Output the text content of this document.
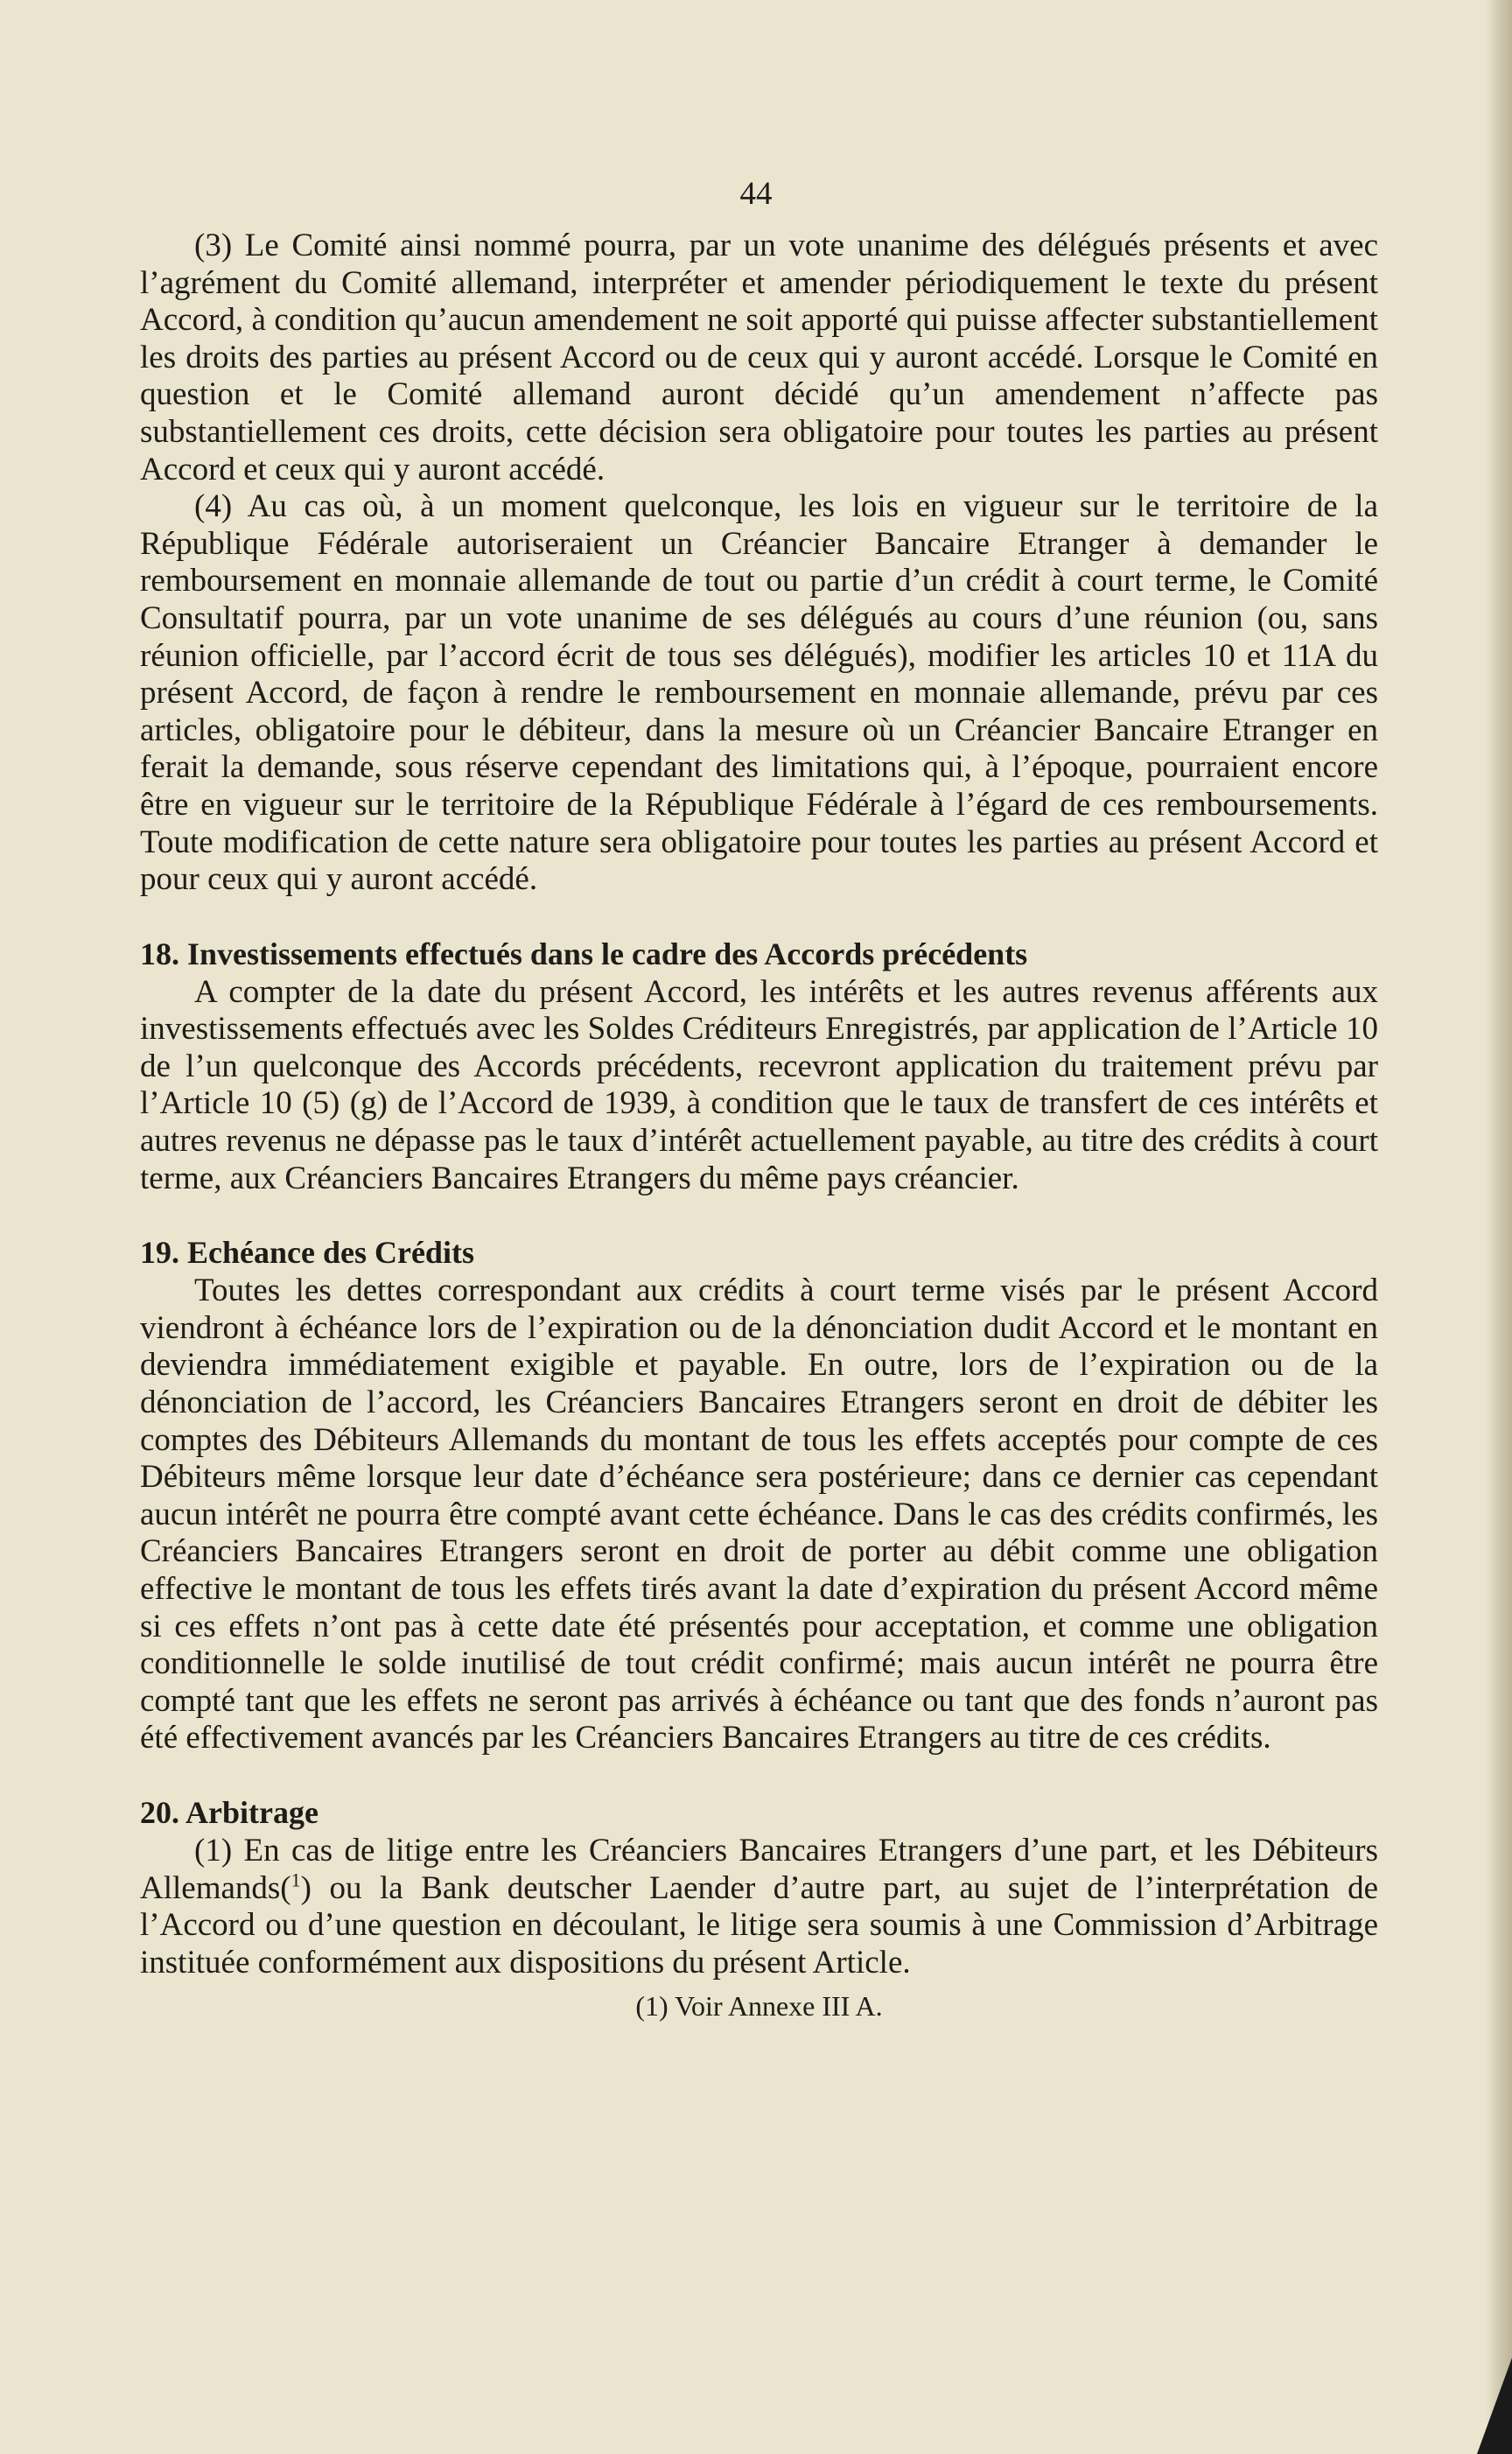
44

(3) Le Comité ainsi nommé pourra, par un vote unanime des délégués présents et avec l’agrément du Comité allemand, interpréter et amender périodiquement le texte du présent Accord, à condition qu’aucun amendement ne soit apporté qui puisse affecter substantiellement les droits des parties au présent Accord ou de ceux qui y auront accédé. Lorsque le Comité en question et le Comité allemand auront décidé qu’un amendement n’affecte pas substantiellement ces droits, cette décision sera obligatoire pour toutes les parties au présent Accord et ceux qui y auront accédé.

(4) Au cas où, à un moment quelconque, les lois en vigueur sur le territoire de la République Fédérale autoriseraient un Créancier Bancaire Etranger à demander le remboursement en monnaie allemande de tout ou partie d’un crédit à court terme, le Comité Consultatif pourra, par un vote unanime de ses délégués au cours d’une réunion (ou, sans réunion officielle, par l’accord écrit de tous ses délégués), modifier les articles 10 et 11A du présent Accord, de façon à rendre le remboursement en monnaie allemande, prévu par ces articles, obligatoire pour le débiteur, dans la mesure où un Créancier Bancaire Etranger en ferait la demande, sous réserve cependant des limitations qui, à l’époque, pourraient encore être en vigueur sur le territoire de la République Fédérale à l’égard de ces remboursements. Toute modification de cette nature sera obligatoire pour toutes les parties au présent Accord et pour ceux qui y auront accédé.

18. Investissements effectués dans le cadre des Accords précédents

A compter de la date du présent Accord, les intérêts et les autres revenus afférents aux investissements effectués avec les Soldes Créditeurs Enregistrés, par application de l’Article 10 de l’un quelconque des Accords précédents, recevront application du traitement prévu par l’Article 10 (5) (g) de l’Accord de 1939, à condition que le taux de transfert de ces intérêts et autres revenus ne dépasse pas le taux d’intérêt actuellement payable, au titre des crédits à court terme, aux Créanciers Bancaires Etrangers du même pays créancier.

19. Echéance des Crédits

Toutes les dettes correspondant aux crédits à court terme visés par le présent Accord viendront à échéance lors de l’expiration ou de la dénonciation dudit Accord et le montant en deviendra immédiatement exigible et payable. En outre, lors de l’expiration ou de la dénonciation de l’accord, les Créanciers Bancaires Etrangers seront en droit de débiter les comptes des Débiteurs Allemands du montant de tous les effets acceptés pour compte de ces Débiteurs même lorsque leur date d’échéance sera postérieure; dans ce dernier cas cependant aucun intérêt ne pourra être compté avant cette échéance. Dans le cas des crédits confirmés, les Créanciers Bancaires Etrangers seront en droit de porter au débit comme une obligation effective le montant de tous les effets tirés avant la date d’expiration du présent Accord même si ces effets n’ont pas à cette date été présentés pour acceptation, et comme une obligation conditionnelle le solde inutilisé de tout crédit confirmé; mais aucun intérêt ne pourra être compté tant que les effets ne seront pas arrivés à échéance ou tant que des fonds n’auront pas été effectivement avancés par les Créanciers Bancaires Etrangers au titre de ces crédits.

20. Arbitrage

(1) En cas de litige entre les Créanciers Bancaires Etrangers d’une part, et les Débiteurs Allemands($^1$) ou la Bank deutscher Laender d’autre part, au sujet de l’interprétation de l’Accord ou d’une question en découlant, le litige sera soumis à une Commission d’Arbitrage instituée conformément aux dispositions du présent Article.

(1) Voir Annexe III A.
